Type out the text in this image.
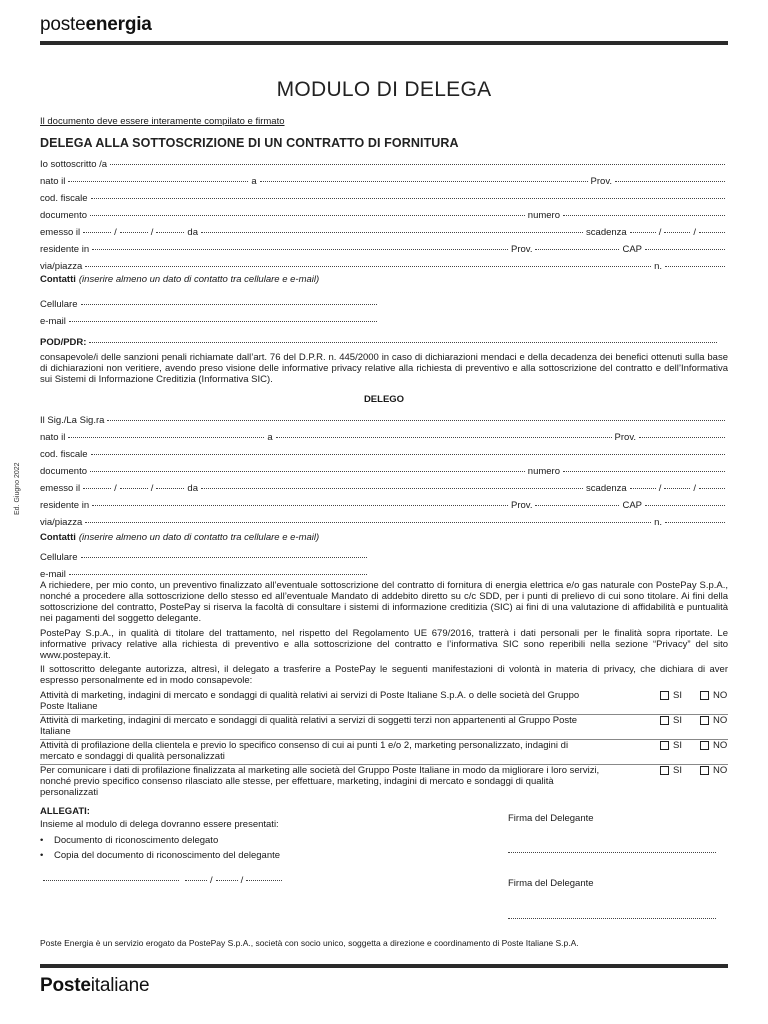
posteenergia
MODULO DI DELEGA
Il documento deve essere interamente compilato e firmato
DELEGA ALLA SOTTOSCRIZIONE DI UN CONTRATTO DI FORNITURA
Io sottoscritto /a
nato il	a	Prov.
cod. fiscale
documento	numero
emesso il	/	/	da	scadenza	/	/
residente in	Prov.	CAP
via/piazza	n.
Contatti (inserire almeno un dato di contatto tra cellulare e e-mail)
Cellulare
e-mail
POD/PDR:
consapevole/i delle sanzioni penali richiamate dall’art. 76 del D.P.R. n. 445/2000 in caso di dichiarazioni mendaci e della decadenza dei benefici ottenuti sulla base di dichiarazioni non veritiere, avendo preso visione delle informative privacy relative alla richiesta di preventivo e alla sottoscrizione del contratto e dell’Informativa sui Sistemi di Informazione Creditizia (Informativa SIC).
DELEGO
Il Sig./La Sig.ra
nato il	a	Prov.
cod. fiscale
documento	numero
emesso il	/	/	da	scadenza	/	/
residente in	Prov.	CAP
via/piazza	n.
Contatti (inserire almeno un dato di contatto tra cellulare e e-mail)
Cellulare
e-mail
Ed. Giugno 2022
A richiedere, per mio conto, un preventivo finalizzato all’eventuale sottoscrizione del contratto di fornitura di energia elettrica e/o gas naturale con PostePay S.p.A., nonché a procedere alla sottoscrizione dello stesso ed all’eventuale Mandato di addebito diretto su c/c SDD, per i punti di prelievo di cui sono titolare. Ai fini della sottoscrizione del contratto, PostePay si riserva la facoltà di consultare i sistemi di informazione creditizia (SIC) ai fini di una valutazione di affidabilità e puntualità nei pagamenti del soggetto delegante.
PostePay S.p.A., in qualità di titolare del trattamento, nel rispetto del Regolamento UE 679/2016, tratterà i dati personali per le finalità sopra riportate. Le informative privacy relative alla richiesta di preventivo e alla sottoscrizione del contratto e l’informativa SIC sono reperibili nella sezione “Privacy” del sito www.postepay.it.
Il sottoscritto delegante autorizza, altresì, il delegato a trasferire a PostePay le seguenti manifestazioni di volontà in materia di privacy, che dichiara di aver espresso personalmente ed in modo consapevole:
Attività di marketing, indagini di mercato e sondaggi di qualità relativi ai servizi di Poste Italiane S.p.A. o delle società del Gruppo Poste Italiane
SI	NO
Attività di marketing, indagini di mercato e sondaggi di qualità relativi a servizi di soggetti terzi non appartenenti al Gruppo Poste Italiane
SI	NO
Attività di profilazione della clientela e previo lo specifico consenso di cui ai punti 1 e/o 2, marketing personalizzato, indagini di mercato e sondaggi di qualità personalizzati
SI	NO
Per comunicare i dati di profilazione finalizzata al marketing alle società del Gruppo Poste Italiane in modo da migliorare i loro servizi, nonché previo specifico consenso rilasciato alle stesse, per effettuare, marketing, indagini di mercato e sondaggi di qualità personalizzati
SI	NO
ALLEGATI:
Insieme al modulo di delega dovranno essere presentati:
• Documento di riconoscimento delegato
• Copia del documento di riconoscimento del delegante
/	/
Firma del Delegante
Firma del Delegante
Poste Energia è un servizio erogato da PostePay S.p.A., società con socio unico, soggetta a direzione e coordinamento di Poste Italiane S.p.A.
Posteitaliane
